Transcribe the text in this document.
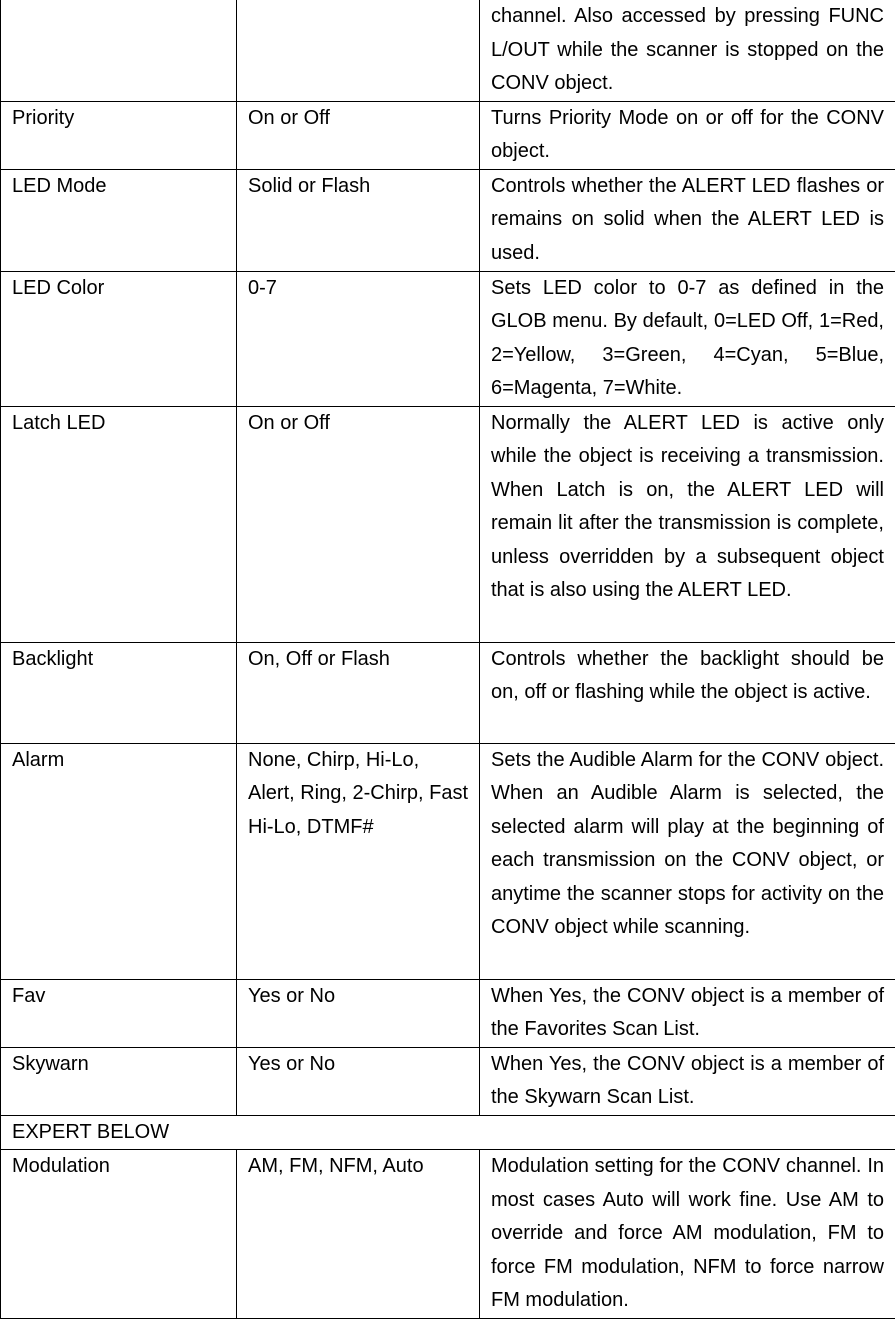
		channel. Also accessed by pressing FUNC L/OUT while the scanner is stopped on the CONV object.
Priority	On or Off	Turns Priority Mode on or off for the CONV object.
LED Mode	Solid or Flash	Controls whether the ALERT LED flashes or remains on solid when the ALERT LED is used.
LED Color	0-7	Sets LED color to 0-7 as defined in the GLOB menu. By default, 0=LED Off, 1=Red, 2=Yellow, 3=Green, 4=Cyan, 5=Blue, 6=Magenta, 7=White.
Latch LED	On or Off	Normally the ALERT LED is active only while the object is receiving a transmission. When Latch is on, the ALERT LED will remain lit after the transmission is complete, unless overridden by a subsequent object that is also using the ALERT LED.
Backlight	On, Off or Flash	Controls whether the backlight should be on, off or flashing while the object is active.
Alarm	None, Chirp, Hi-Lo, Alert, Ring, 2-Chirp, Fast Hi-Lo, DTMF#	Sets the Audible Alarm for the CONV object. When an Audible Alarm is selected, the selected alarm will play at the beginning of each transmission on the CONV object, or anytime the scanner stops for activity on the CONV object while scanning.
Fav	Yes or No	When Yes, the CONV object is a member of the Favorites Scan List.
Skywarn	Yes or No	When Yes, the CONV object is a member of the Skywarn Scan List.
EXPERT BELOW		
Modulation	AM, FM, NFM, Auto	Modulation setting for the CONV channel. In most cases Auto will work fine. Use AM to override and force AM modulation, FM to force FM modulation, NFM to force narrow FM modulation.
